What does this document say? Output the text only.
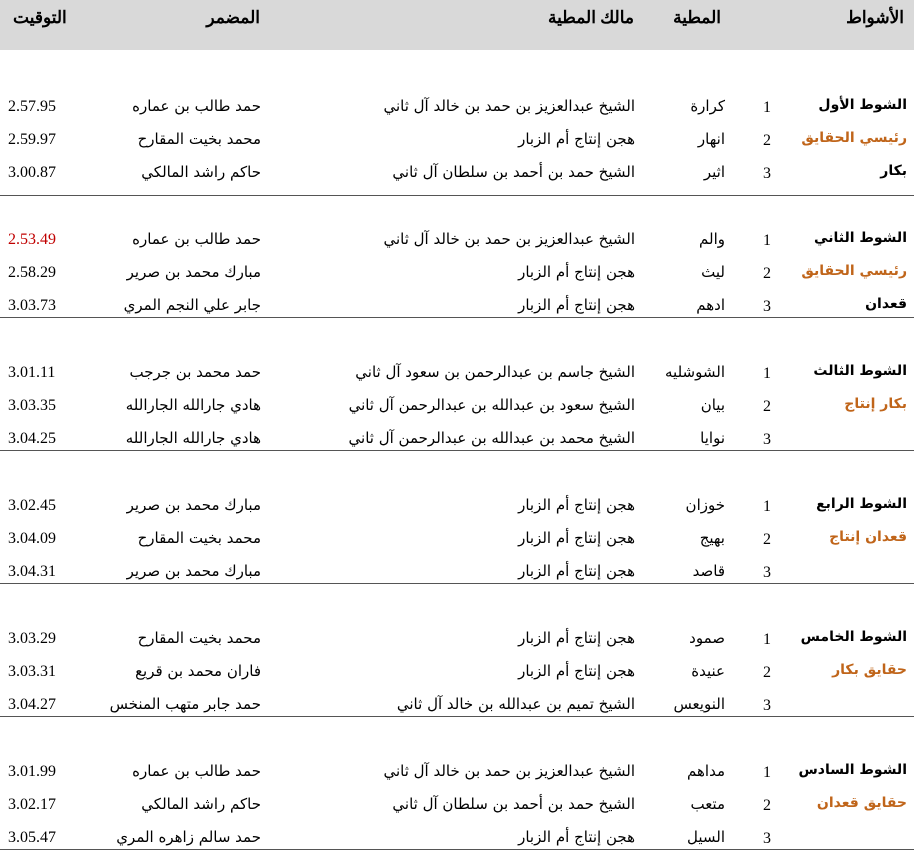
الأشواط
المطية
مالك المطية
المضمر
التوقيت
الشوط الأول
رئيسي الحقايق
بكار
1
كرارة
الشيخ عبدالعزيز بن حمد بن خالد آل ثاني
حمد طالب بن عماره
2.57.95
2
انهار
هجن إنتاج أم الزبار
محمد بخيت المقارح
2.59.97
3
اثير
الشيخ حمد بن أحمد بن سلطان آل ثاني
حاكم راشد المالكي
3.00.87
الشوط الثاني
رئيسي الحقايق
قعدان
1
والم
الشيخ عبدالعزيز بن حمد بن خالد آل ثاني
حمد طالب بن عماره
2.53.49
2
ليث
هجن إنتاج أم الزبار
مبارك محمد بن صرير
2.58.29
3
ادهم
هجن إنتاج أم الزبار
جابر علي النجم المري
3.03.73
الشوط الثالث
بكار إنتاج
1
الشوشليه
الشيخ جاسم بن عبدالرحمن بن سعود آل ثاني
حمد محمد بن جرجب
3.01.11
2
بيان
الشيخ سعود بن عبدالله بن عبدالرحمن آل ثاني
هادي جارالله الجارالله
3.03.35
3
نوايا
الشيخ محمد بن عبدالله بن عبدالرحمن آل ثاني
هادي جارالله الجارالله
3.04.25
الشوط الرابع
قعدان إنتاج
1
خوزان
هجن إنتاج أم الزبار
مبارك محمد بن صرير
3.02.45
2
بهيج
هجن إنتاج أم الزبار
محمد بخيت المقارح
3.04.09
3
قاصد
هجن إنتاج أم الزبار
مبارك محمد بن صرير
3.04.31
الشوط الخامس
حقايق بكار
1
صمود
هجن إنتاج أم الزبار
محمد بخيت المقارح
3.03.29
2
عنيدة
هجن إنتاج أم الزبار
فاران محمد بن قريع
3.03.31
3
النويعس
الشيخ تميم بن عبدالله بن خالد آل ثاني
حمد جابر متهب المنخس
3.04.27
الشوط السادس
حقايق قعدان
1
مداهم
الشيخ عبدالعزيز بن حمد بن خالد آل ثاني
حمد طالب بن عماره
3.01.99
2
متعب
الشيخ حمد بن أحمد بن سلطان آل ثاني
حاكم راشد المالكي
3.02.17
3
السيل
هجن إنتاج أم الزبار
حمد سالم زاهره المري
3.05.47
